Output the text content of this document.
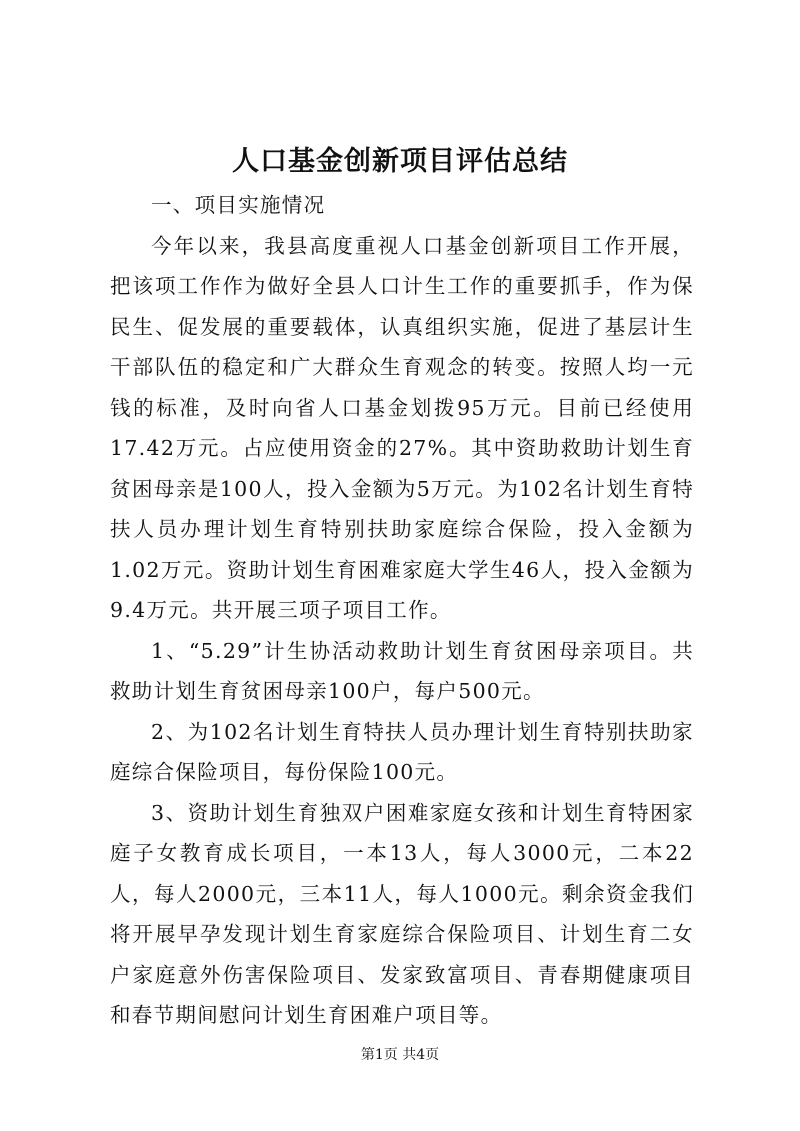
人口基金创新项目评估总结

一、项目实施情况

今年以来，我县高度重视人口基金创新项目工作开展，把该项工作作为做好全县人口计生工作的重要抓手，作为保民生、促发展的重要载体，认真组织实施，促进了基层计生干部队伍的稳定和广大群众生育观念的转变。按照人均一元钱的标准，及时向省人口基金划拨95万元。目前已经使用17.42万元。占应使用资金的27%。其中资助救助计划生育贫困母亲是100人，投入金额为5万元。为102名计划生育特扶人员办理计划生育特别扶助家庭综合保险，投入金额为1.02万元。资助计划生育困难家庭大学生46人，投入金额为9.4万元。共开展三项子项目工作。

1、“5.29”计生协活动救助计划生育贫困母亲项目。共救助计划生育贫困母亲100户，每户500元。

2、为102名计划生育特扶人员办理计划生育特别扶助家庭综合保险项目，每份保险100元。

3、资助计划生育独双户困难家庭女孩和计划生育特困家庭子女教育成长项目，一本13人，每人3000元，二本22人，每人2000元，三本11人，每人1000元。剩余资金我们将开展早孕发现计划生育家庭综合保险项目、计划生育二女户家庭意外伤害保险项目、发家致富项目、青春期健康项目和春节期间慰问计划生育困难户项目等。

第1页 共4页
